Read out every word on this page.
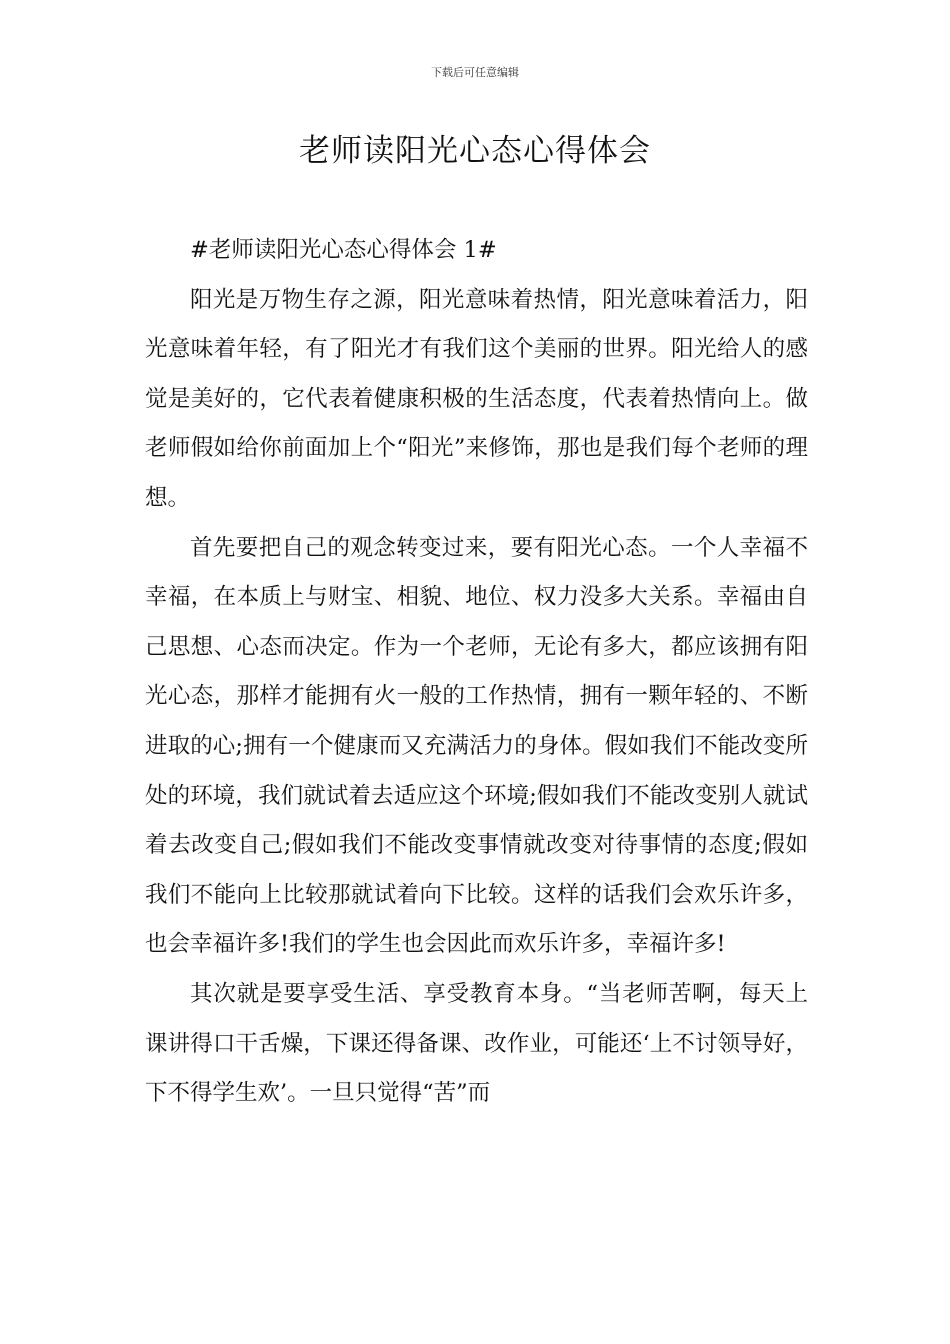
下载后可任意编辑
老师读阳光心态心得体会

#老师读阳光心态心得体会 1#

阳光是万物生存之源，阳光意味着热情，阳光意味着活力，阳光意味着年轻，有了阳光才有我们这个美丽的世界。阳光给人的感觉是美好的，它代表着健康积极的生活态度，代表着热情向上。做老师假如给你前面加上个“阳光”来修饰，那也是我们每个老师的理想。

首先要把自己的观念转变过来，要有阳光心态。一个人幸福不幸福，在本质上与财宝、相貌、地位、权力没多大关系。幸福由自己思想、心态而决定。作为一个老师，无论有多大，都应该拥有阳光心态，那样才能拥有火一般的工作热情，拥有一颗年轻的、不断进取的心;拥有一个健康而又充满活力的身体。假如我们不能改变所处的环境，我们就试着去适应这个环境;假如我们不能改变别人就试着去改变自己;假如我们不能改变事情就改变对待事情的态度;假如我们不能向上比较那就试着向下比较。这样的话我们会欢乐许多，也会幸福许多!我们的学生也会因此而欢乐许多，幸福许多!

其次就是要享受生活、享受教育本身。“当老师苦啊，每天上课讲得口干舌燥，下课还得备课、改作业，可能还‘上不讨领导好，下不得学生欢’。一旦只觉得“苦”而
